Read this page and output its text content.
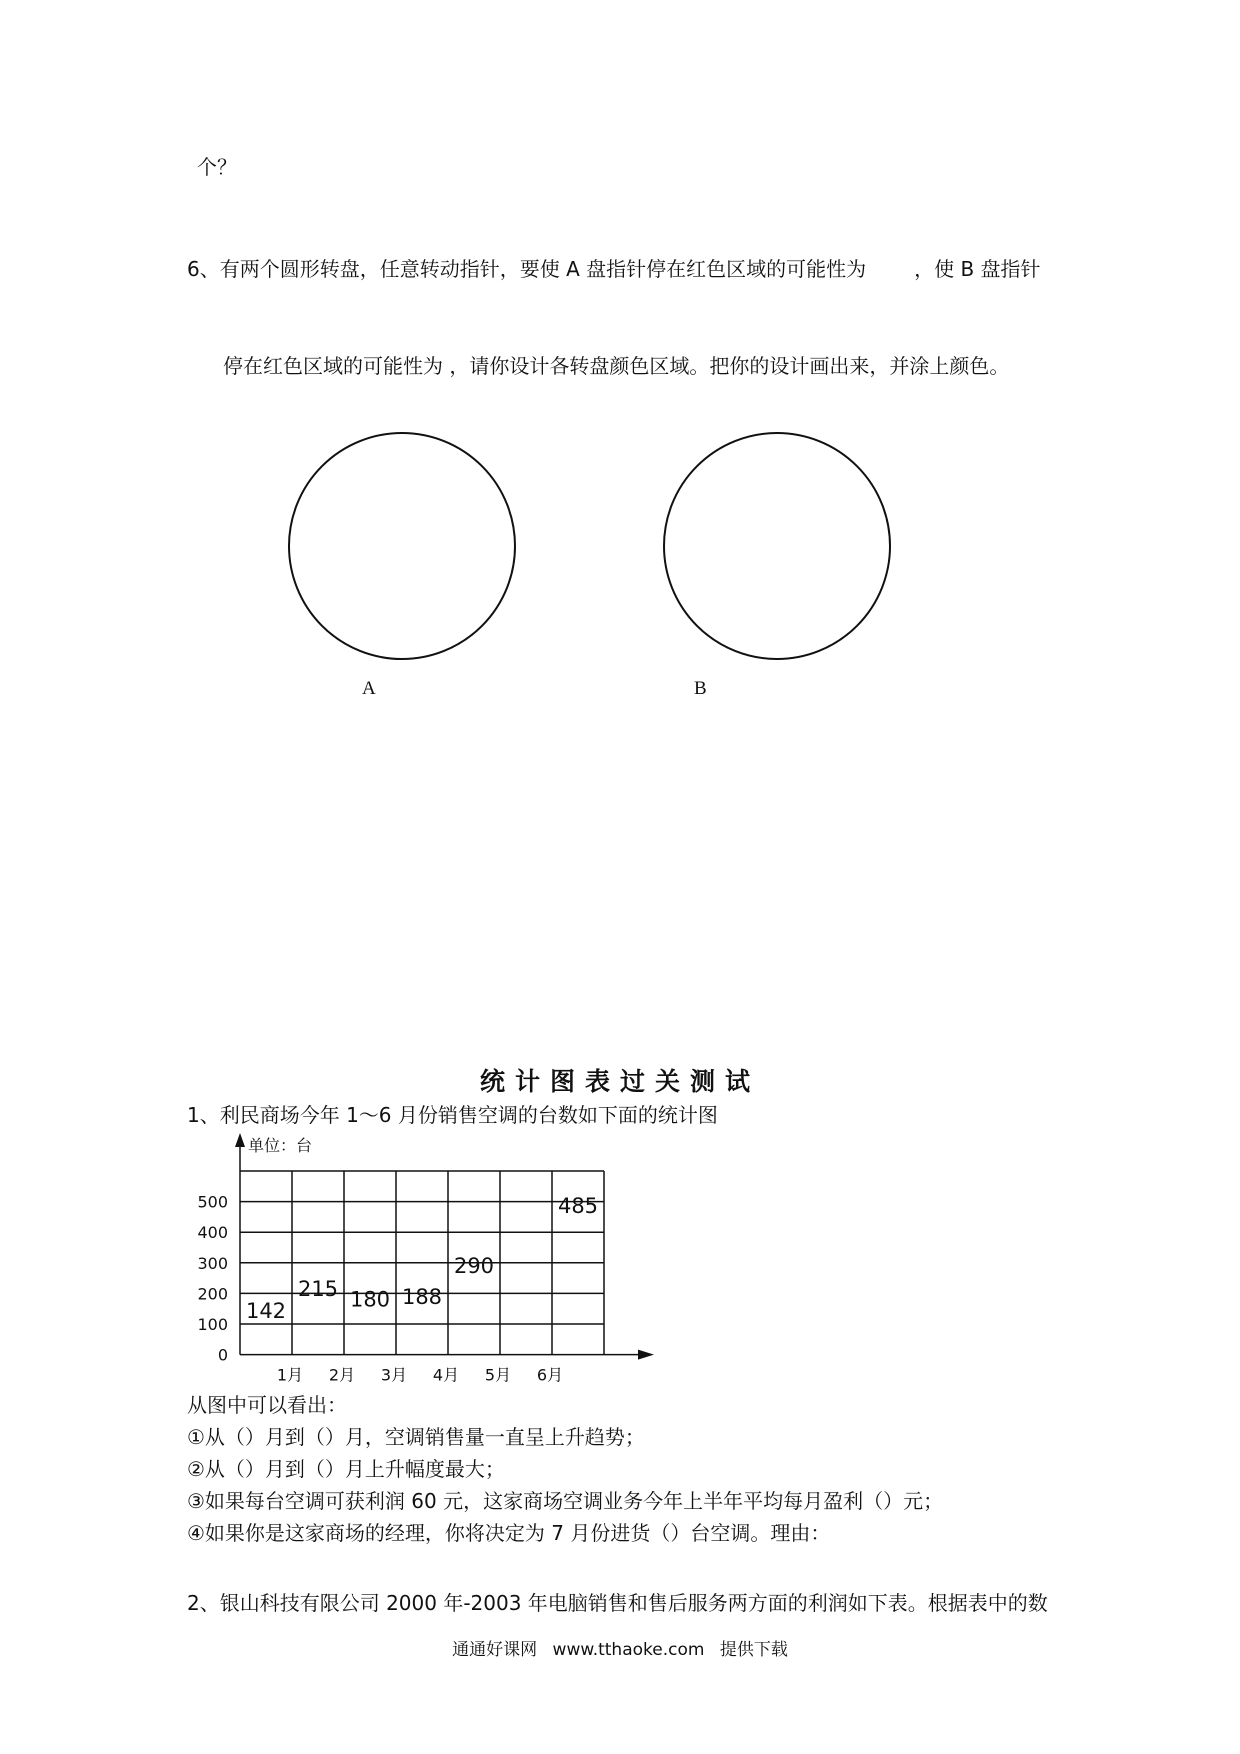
个？
6、有两个圆形转盘，任意转动指针，要使 A 盘指针停在红色区域的可能性为 ，使 B 盘指针
停在红色区域的可能性为 ，请你设计各转盘颜色区域。把你的设计画出来，并涂上颜色。
A	B
统计图表过关测试
1、利民商场今年 1～6 月份销售空调的台数如下面的统计图
单位：台
500
400
300
200
100
0
1月 2月 3月 4月 5月 6月
142
215 180 188
290
485
从图中可以看出：
①从（）月到（）月，空调销售量一直呈上升趋势；
②从（）月到（）月上升幅度最大；
③如果每台空调可获利润 60 元，这家商场空调业务今年上半年平均每月盈利（）元；
④如果你是这家商场的经理，你将决定为 7 月份进货（）台空调。理由：
2、银山科技有限公司 2000 年-2003 年电脑销售和售后服务两方面的利润如下表。根据表中的数
通通好课网 www.tthaoke.com 提供下载
